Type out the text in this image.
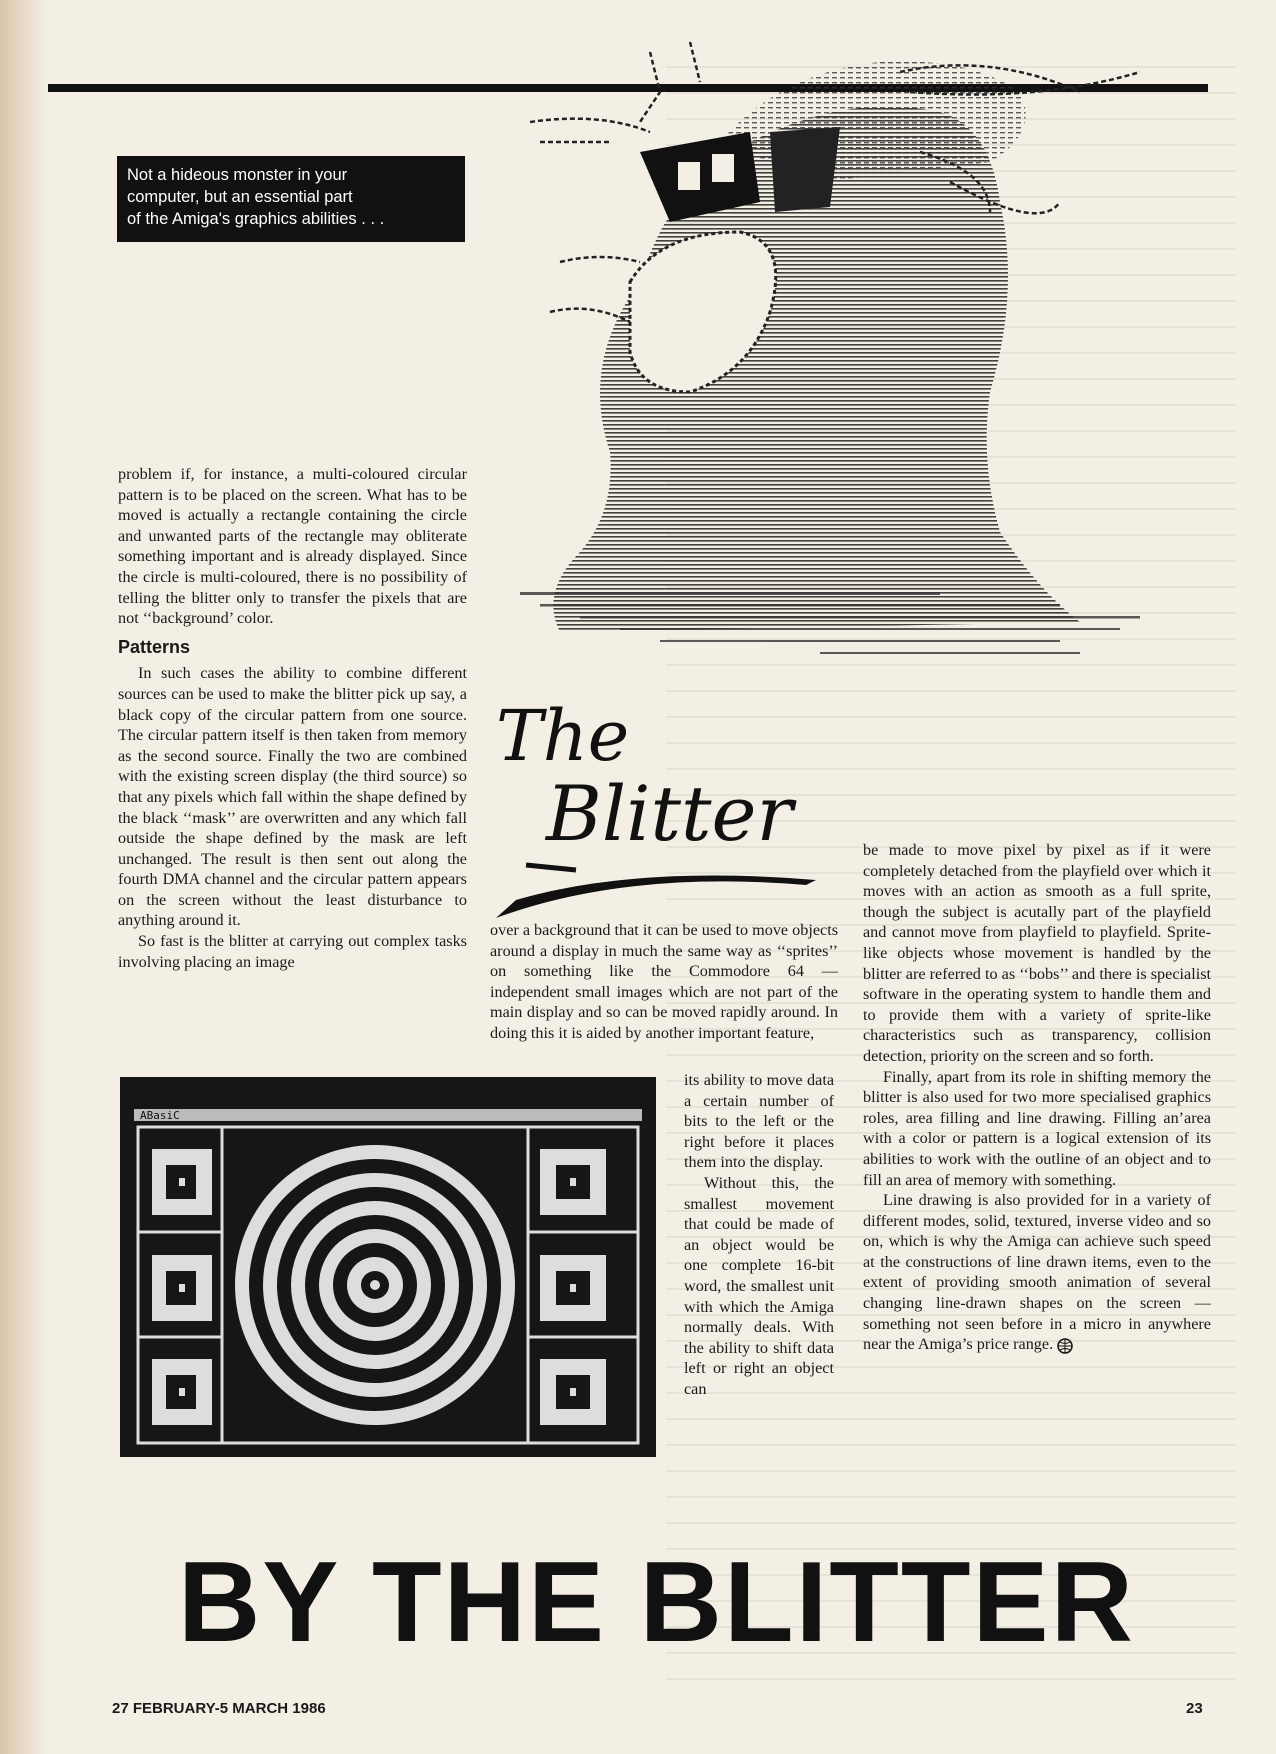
Not a hideous monster in your
computer, but an essential part
of the Amiga's graphics abilities . . .
The
Blitter

problem if, for instance, a multi-coloured circular pattern is to be placed on the screen. What has to be moved is actually a rectangle containing the circle and unwanted parts of the rectangle may obliterate something important and is already displayed. Since the circle is multi-coloured, there is no possibility of telling the blitter only to transfer the pixels that are not ‘‘background’ color.

Patterns

In such cases the ability to combine different sources can be used to make the blitter pick up say, a black copy of the circular pattern from one source. The circular pattern itself is then taken from memory as the second source. Finally the two are combined with the existing screen display (the third source) so that any pixels which fall within the shape defined by the black ‘‘mask’’ are overwritten and any which fall outside the shape defined by the mask are left unchanged. The result is then sent out along the fourth DMA channel and the circular pattern appears on the screen without the least disturbance to anything around it.

So fast is the blitter at carrying out complex tasks involving placing an image

over a background that it can be used to move objects around a display in much the same way as ‘‘sprites’’ on something like the Commodore 64 — independent small images which are not part of the main display and so can be moved rapidly around. In doing this it is aided by another important feature,

its ability to move data a certain number of bits to the left or the right before it places them into the display.

Without this, the smallest movement that could be made of an object would be one complete 16-bit word, the smallest unit with which the Amiga normally deals. With the ability to shift data left or right an object can

be made to move pixel by pixel as if it were completely detached from the playfield over which it moves with an action as smooth as a full sprite, though the subject is acutally part of the playfield and cannot move from playfield to playfield. Sprite-like objects whose movement is handled by the blitter are referred to as ‘‘bobs’’ and there is specialist software in the operating system to handle them and to provide them with a variety of sprite-like characteristics such as transparency, collision detection, priority on the screen and so forth.

Finally, apart from its role in shifting memory the blitter is also used for two more specialised graphics roles, area filling and line drawing. Filling an’area with a color or pattern is a logical extension of its abilities to work with the outline of an object and to fill an area of memory with something.

Line drawing is also provided for in a variety of different modes, solid, textured, inverse video and so on, which is why the Amiga can achieve such speed at the constructions of line drawn items, even to the extent of providing smooth animation of several changing line-drawn shapes on the screen — something not seen before in a micro in anywhere near the Amiga’s price range.

ABasiC
BY THE BLITTER
27 FEBRUARY-5 MARCH 1986	23
